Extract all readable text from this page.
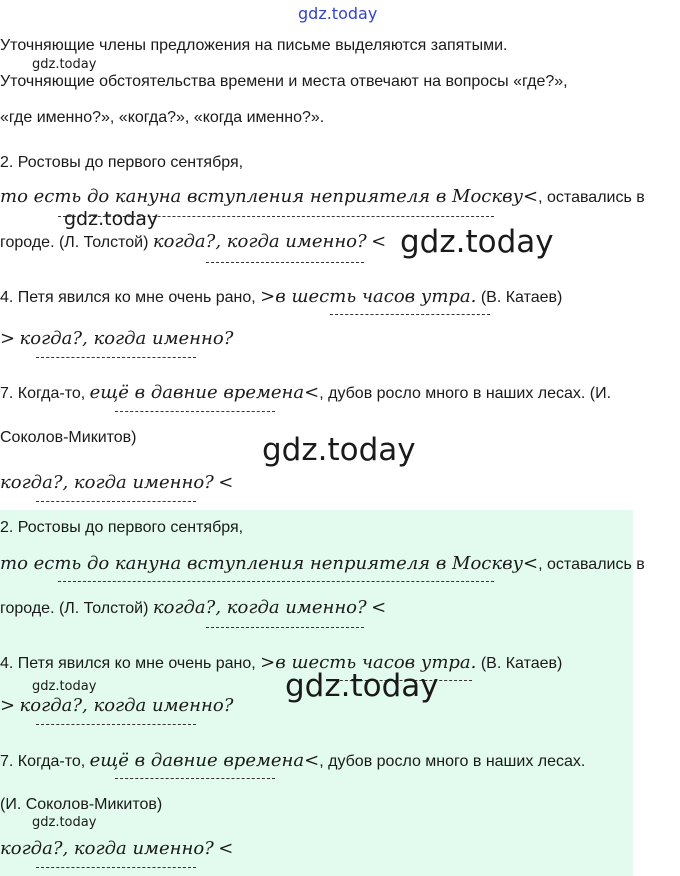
gdz.today
Уточняющие члены предложения на письме выделяются запятыми.
gdz.today
Уточняющие обстоятельства времени и места отвечают на вопросы «где?»,
«где именно?», «когда?», «когда именно?».
2. Ростовы до первого сентября,
то есть до кануна вступления неприятеля в Москву<, оставались в
gdz.today
городе. (Л. Толстой) когда?, когда именно? < gdz.today
4. Петя явился ко мне очень рано, >в шесть часов утра. (В. Катаев)
> когда?, когда именно?
7. Когда-то, ещё в давние времена<, дубов росло много в наших лесах. (И.
Соколов-Микитов)	gdz.today
когда?, когда именно? <
2. Ростовы до первого сентября,
то есть до кануна вступления неприятеля в Москву<, оставались в
городе. (Л. Толстой) когда?, когда именно? <
4. Петя явился ко мне очень рано, >в шесть часов утра. (В. Катаев)
gdz.today	gdz.today
> когда?, когда именно?
7. Когда-то, ещё в давние времена<, дубов росло много в наших лесах.
(И. Соколов-Микитов)
gdz.today
когда?, когда именно? <
